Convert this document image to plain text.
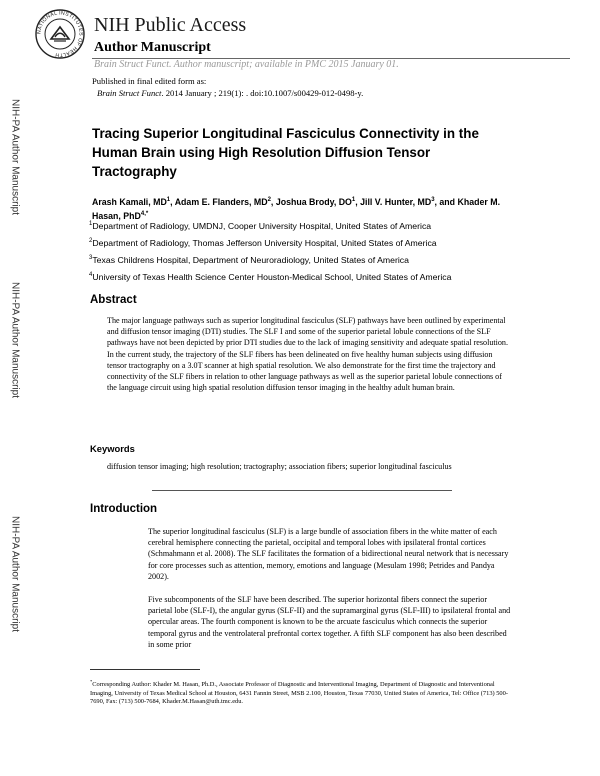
NATIONAL INSTITUTES OF HEALTH
NIH Public Access
Author Manuscript
Brain Struct Funct. Author manuscript; available in PMC 2015 January 01.
Published in final edited form as:
Brain Struct Funct. 2014 January ; 219(1): . doi:10.1007/s00429-012-0498-y.
NIH-PA Author Manuscript
NIH-PA Author Manuscript
NIH-PA Author Manuscript
Tracing Superior Longitudinal Fasciculus Connectivity in the Human Brain using High Resolution Diffusion Tensor Tractography
Arash Kamali, $MD^1$, Adam E. Flanders, $MD^2$, Joshua Brody, $DO^1$, Jill V. Hunter, $MD^3$, and Khader M. Hasan, PhD$^{4,*}$
$^1$Department of Radiology, UMDNJ, Cooper University Hospital, United States of America
$^2$Department of Radiology, Thomas Jefferson University Hospital, United States of America
$^3$Texas Childrens Hospital, Department of Neuroradiology, United States of America
$^4$University of Texas Health Science Center Houston-Medical School, United States of America
Abstract
The major language pathways such as superior longitudinal fasciculus (SLF) pathways have been outlined by experimental and diffusion tensor imaging (DTI) studies. The SLF I and some of the superior parietal lobule connections of the SLF pathways have not been depicted by prior DTI studies due to the lack of imaging sensitivity and adequate spatial resolution. In the current study, the trajectory of the SLF fibers has been delineated on five healthy human subjects using diffusion tensor tractography on a 3.0T scanner at high spatial resolution. We also demonstrate for the first time the trajectory and connectivity of the SLF fibers in relation to other language pathways as well as the superior parietal lobule connections of the language circuit using high spatial resolution diffusion tensor imaging in the healthy adult human brain.
Keywords
diffusion tensor imaging; high resolution; tractography; association fibers; superior longitudinal fasciculus
Introduction
The superior longitudinal fasciculus (SLF) is a large bundle of association fibers in the white matter of each cerebral hemisphere connecting the parietal, occipital and temporal lobes with ipsilateral frontal cortices (Schmahmann et al. 2008). The SLF facilitates the formation of a bidirectional neural network that is necessary for core processes such as attention, memory, emotions and language (Mesulam 1998; Petrides and Pandya 2002).
Five subcomponents of the SLF have been described. The superior horizontal fibers connect the superior parietal lobe (SLF-I), the angular gyrus (SLF-II) and the supramarginal gyrus (SLF-III) to ipsilateral frontal and opercular areas. The fourth component is known to be the arcuate fasciculus which connects the superior temporal gyrus and the ventrolateral prefrontal cortex together. A fifth SLF component has also been described in some prior
*Corresponding Author: Khader M. Hasan, Ph.D., Associate Professor of Diagnostic and Interventional Imaging, Department of Diagnostic and Interventional Imaging, University of Texas Medical School at Houston, 6431 Fannin Street, MSB 2.100, Houston, Texas 77030, United States of America, Tel: Office (713) 500-7690, Fax: (713) 500-7684, Khader.M.Hasan@uth.tmc.edu.
